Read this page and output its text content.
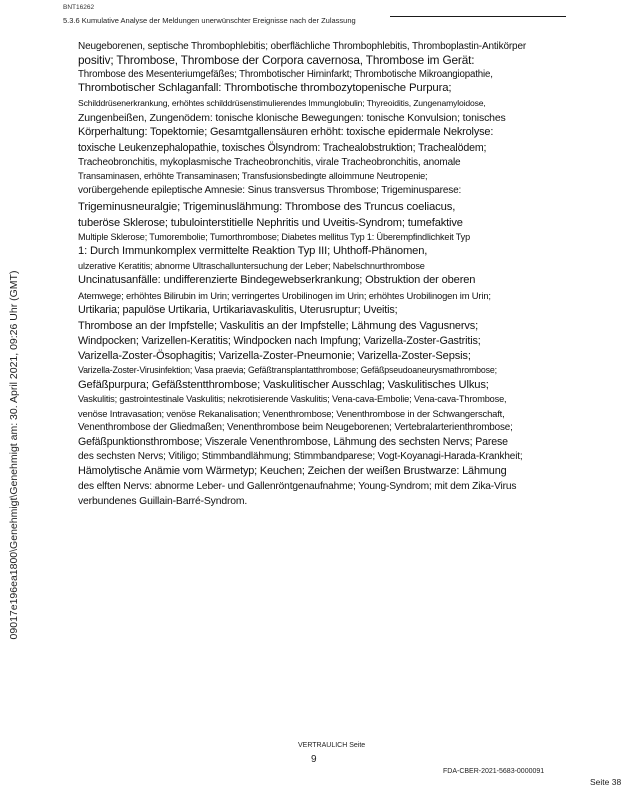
BNT16262
5.3.6 Kumulative Analyse der Meldungen unerwünschter Ereignisse nach der Zulassung
Neugeborenen, septische Thrombophlebitis; oberflächliche Thrombophlebitis, Thromboplastin-Antikörper
positiv; Thrombose, Thrombose der Corpora cavernosa, Thrombose im Gerät:
Thrombose des Mesenteriumgefäßes; Thrombotischer Hirninfarkt; Thrombotische Mikroangiopathie,
Thrombotischer Schlaganfall: Thrombotische thrombozytopenische Purpura;
Schilddrüsenerkrankung, erhöhtes schilddrüsenstimulierendes Immunglobulin; Thyreoiditis, Zungenamyloidose,
Zungenbeißen, Zungenödem: tonische klonische Bewegungen: tonische Konvulsion; tonisches
Körperhaltung: Topektomie; Gesamtgallensäuren erhöht: toxische epidermale Nekrolyse:
toxische Leukenzephalopathie, toxisches Ölsyndrom: Trachealobstruktion; Trachealödem;
Tracheobronchitis, mykoplasmische Tracheobronchitis, virale Tracheobronchitis, anomale
Transaminasen, erhöhte Transaminasen; Transfusionsbedingte alloimmune Neutropenie;
vorübergehende epileptische Amnesie: Sinus transversus Thrombose; Trigeminusparese:
Trigeminusneuralgie; Trigeminuslähmung: Thrombose des Truncus coeliacus,
tuberöse Sklerose; tubulointerstitielle Nephritis und Uveitis-Syndrom; tumefaktive
Multiple Sklerose; Tumorembolie; Tumorthrombose; Diabetes mellitus Typ 1: Überempfindlichkeit Typ
1: Durch Immunkomplex vermittelte Reaktion Typ III; Uhthoff-Phänomen,
ulzerative Keratitis; abnorme Ultraschalluntersuchung der Leber; Nabelschnurthrombose
Uncinatusanfälle: undifferenzierte Bindegewebserkrankung; Obstruktion der oberen
Atemwege; erhöhtes Bilirubin im Urin; verringertes Urobilinogen im Urin; erhöhtes Urobilinogen im Urin;
Urtikaria; papulöse Urtikaria, Urtikariavaskulitis, Uterusruptur; Uveitis;
Thrombose an der Impfstelle; Vaskulitis an der Impfstelle; Lähmung des Vagusnervs;
Windpocken; Varizellen-Keratitis; Windpocken nach Impfung; Varizella-Zoster-Gastritis;
Varizella-Zoster-Ösophagitis; Varizella-Zoster-Pneumonie; Varizella-Zoster-Sepsis;
Varizella-Zoster-Virusinfektion; Vasa praevia; Gefäßtransplantatthrombose; Gefäßpseudoaneurysmathrombose;
Gefäßpurpura; Gefäßstentthrombose; Vaskulitischer Ausschlag; Vaskulitisches Ulkus;
Vaskulitis; gastrointestinale Vaskulitis; nekrotisierende Vaskulitis; Vena-cava-Embolie; Vena-cava-Thrombose,
venöse Intravasation; venöse Rekanalisation; Venenthrombose; Venenthrombose in der Schwangerschaft,
Venenthrombose der Gliedmaßen; Venenthrombose beim Neugeborenen; Vertebralarterienthrombose;
Gefäßpunktionsthrombose; Viszerale Venenthrombose, Lähmung des sechsten Nervs; Parese
des sechsten Nervs; Vitiligo; Stimmbandlähmung; Stimmbandparese; Vogt-Koyanagi-Harada-Krankheit;
Hämolytische Anämie vom Wärmetyp; Keuchen; Zeichen der weißen Brustwarze: Lähmung
des elften Nervs: abnorme Leber- und Gallenröntgenaufnahme; Young-Syndrom; mit dem Zika-Virus
verbundenes Guillain-Barré-Syndrom.
09017e196ea1800\Genehmigt\Genehmigt am: 30. April 2021, 09:26 Uhr (GMT)
VERTRAULICH Seite
9
FDA-CBER-2021-5683-0000091
Seite 38
